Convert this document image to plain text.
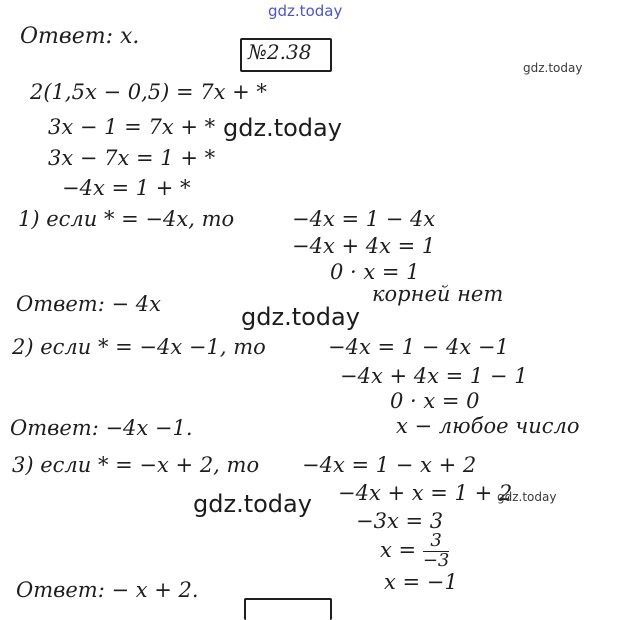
gdz.today
gdz.today
gdz.today
gdz.today
gdz.today	gdz.today
Ответ: x.
№2.38
2(1,5x − 0,5) = 7x + *
3x − 1 = 7x + *
3x − 7x = 1 + *
−4x = 1 + *
1) если * = −4x, то	−4x = 1 − 4x
−4x + 4x = 1
0 · x = 1
корней нет
Ответ: − 4x
2) если * = −4x −1, то	−4x = 1 − 4x −1
−4x + 4x = 1 − 1
0 · x = 0
x − любое число
Ответ: −4x −1.
3) если * = −x + 2, то −4x = 1 − x + 2
−4x + x = 1 + 2
−3x = 3
$x = \frac{3}{-3}$
x = −1
Ответ: − x + 2.
